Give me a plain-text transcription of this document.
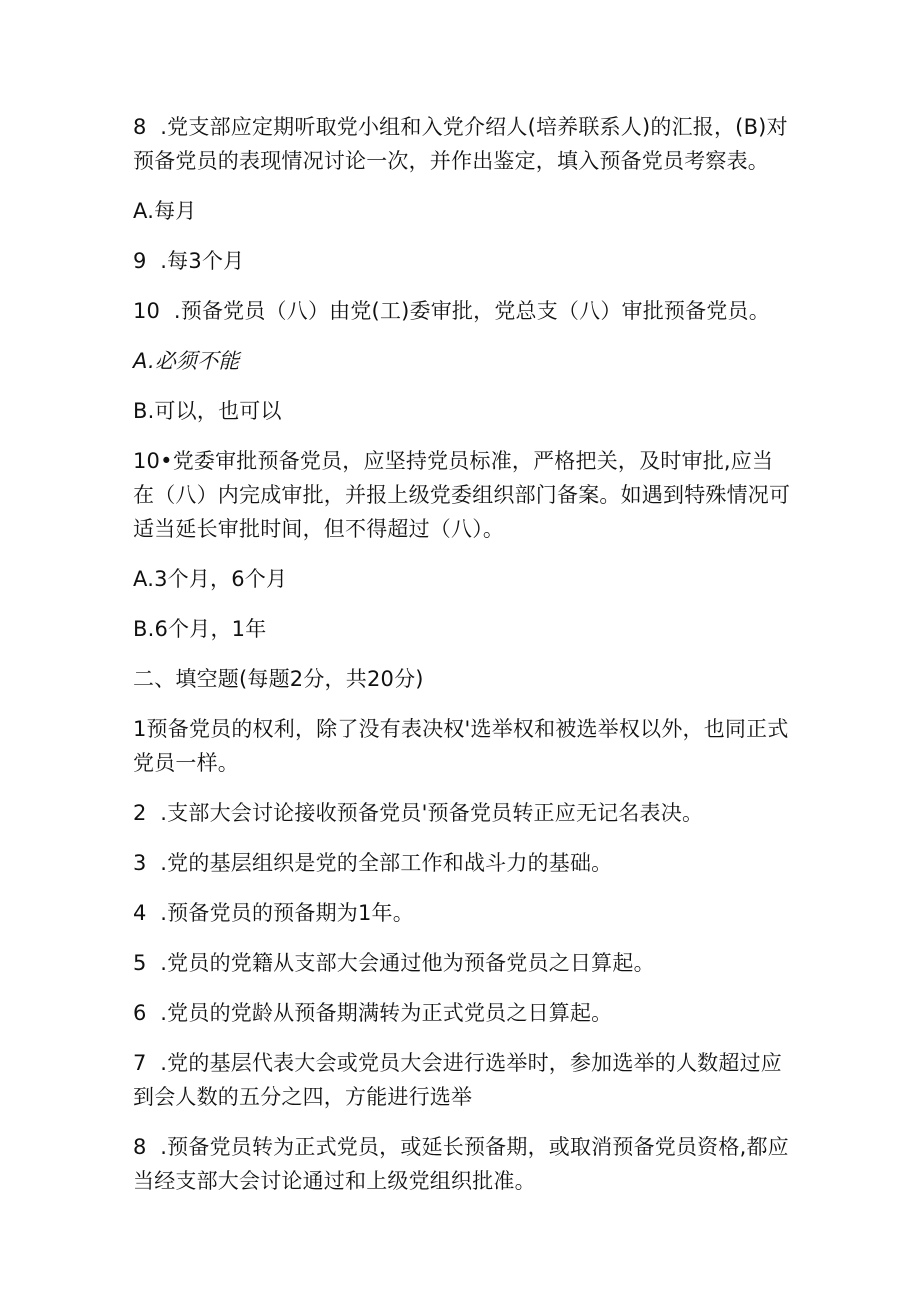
8  .党支部应定期听取党小组和入党介绍人(培养联系人)的汇报，(B)对预备党员的表现情况讨论一次，并作出鉴定，填入预备党员考察表。

A.每月

9  .每3个月

10  .预备党员（八）由党(工)委审批，党总支（八）审批预备党员。

A.必须不能

B.可以，也可以

10•党委审批预备党员，应坚持党员标准，严格把关，及时审批,应当在（八）内完成审批，并报上级党委组织部门备案。如遇到特殊情况可适当延长审批时间，但不得超过（八）。

A.3个月，6个月

B.6个月，1年

二、填空题(每题2分，共20分)

1预备党员的权利，除了没有表决权'选举权和被选举权以外，也同正式党员一样。

2  .支部大会讨论接收预备党员'预备党员转正应无记名表决。

3  .党的基层组织是党的全部工作和战斗力的基础。

4  .预备党员的预备期为1年。

5  .党员的党籍从支部大会通过他为预备党员之日算起。

6  .党员的党龄从预备期满转为正式党员之日算起。

7  .党的基层代表大会或党员大会进行选举时，参加选举的人数超过应到会人数的五分之四，方能进行选举

8  .预备党员转为正式党员，或延长预备期，或取消预备党员资格,都应当经支部大会讨论通过和上级党组织批准。
